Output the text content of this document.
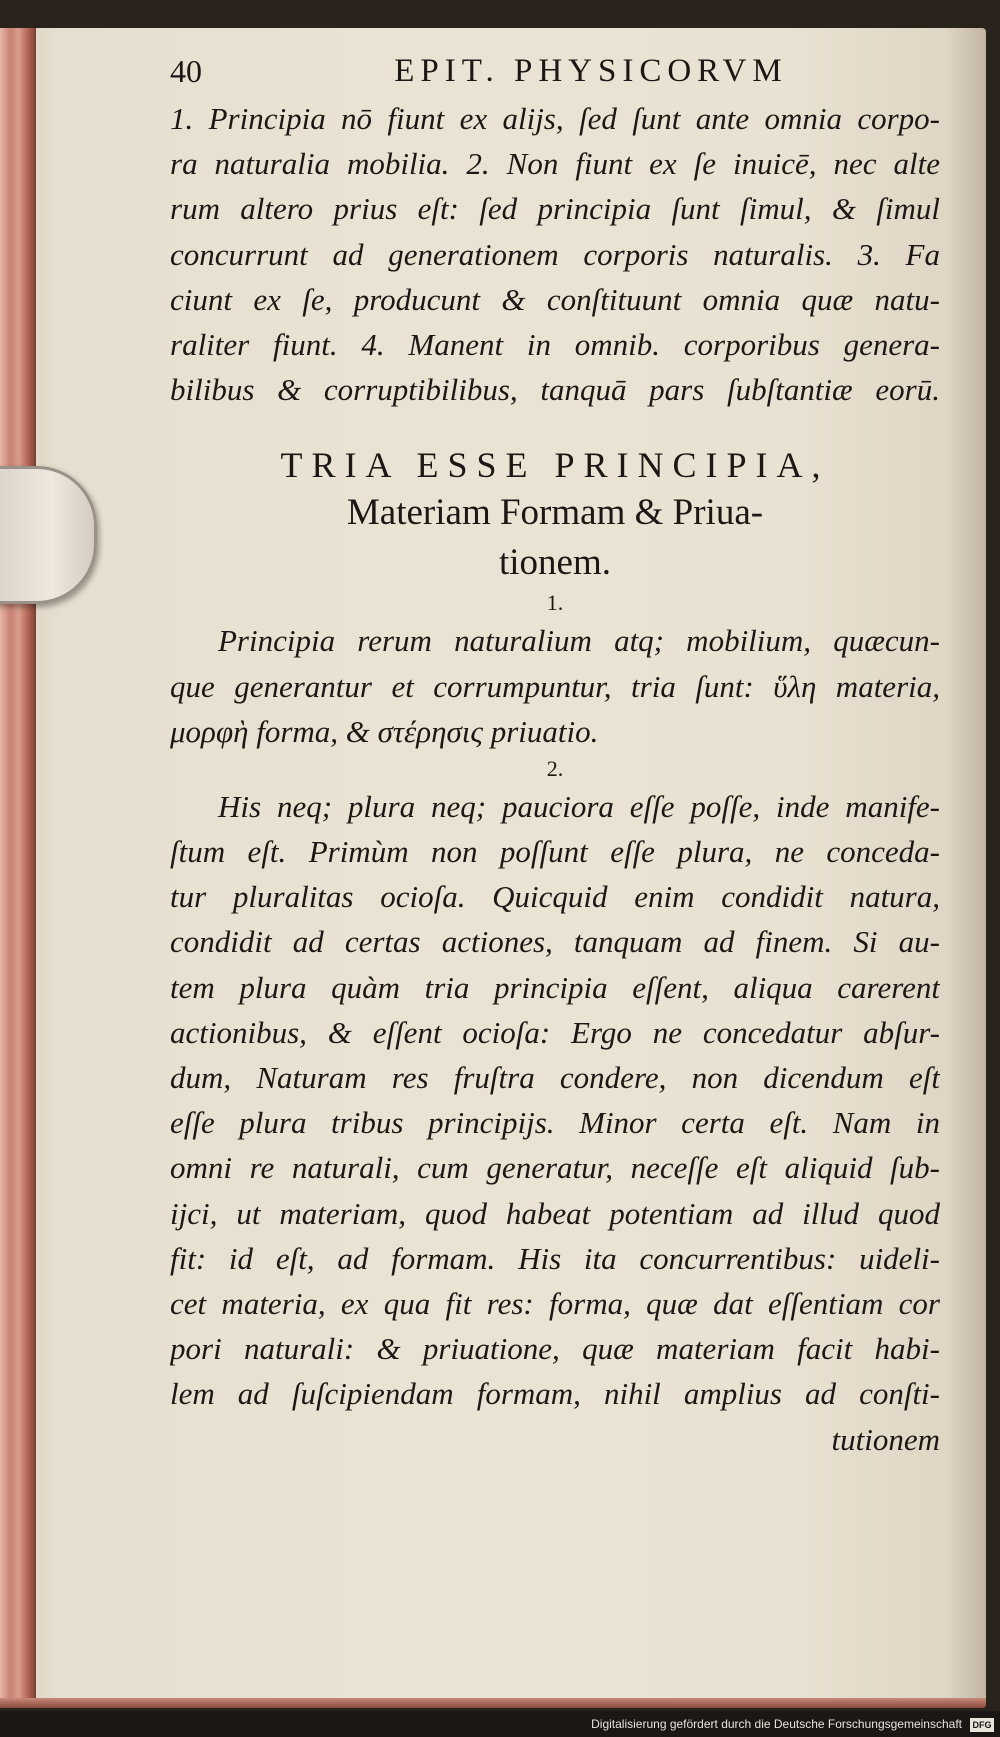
40	EPIT. PHYSICORVM
1. Principia nō fiunt ex alijs, ſed ſunt ante omnia corpo-
ra naturalia mobilia. 2. Non fiunt ex ſe inuicē, nec alte
rum altero prius eſt: ſed principia ſunt ſimul, & ſimul
concurrunt ad generationem corporis naturalis. 3. Fa
ciunt ex ſe, producunt & conſtituunt omnia quæ natu-
raliter fiunt. 4. Manent in omnib. corporibus genera-
bilibus & corruptibilibus, tanquā pars ſubſtantiæ eorū.
TRIA ESSE PRINCIPIA,
Materiam Formam & Priua-
tionem.
1.
Principia rerum naturalium atq; mobilium, quæcun-
que generantur et corrumpuntur, tria ſunt: ὕλη materia,
μορφὴ forma, & στέρησις priuatio.
2.
His neq; plura neq; pauciora eſſe poſſe, inde manife-
ſtum eſt. Primùm non poſſunt eſſe plura, ne conceda-
tur pluralitas ocioſa. Quicquid enim condidit natura,
condidit ad certas actiones, tanquam ad finem. Si au-
tem plura quàm tria principia eſſent, aliqua carerent
actionibus, & eſſent ocioſa: Ergo ne concedatur abſur-
dum, Naturam res fruſtra condere, non dicendum eſt
eſſe plura tribus principijs. Minor certa eſt. Nam in
omni re naturali, cum generatur, neceſſe eſt aliquid ſub-
ijci, ut materiam, quod habeat potentiam ad illud quod
fit: id eſt, ad formam. His ita concurrentibus: uideli-
cet materia, ex qua fit res: forma, quæ dat eſſentiam cor
pori naturali: & priuatione, quæ materiam facit habi-
lem ad ſuſcipiendam formam, nihil amplius ad conſti-
tutionem
Digitalisierung gefördert durch die Deutsche Forschungsgemeinschaft DFG
